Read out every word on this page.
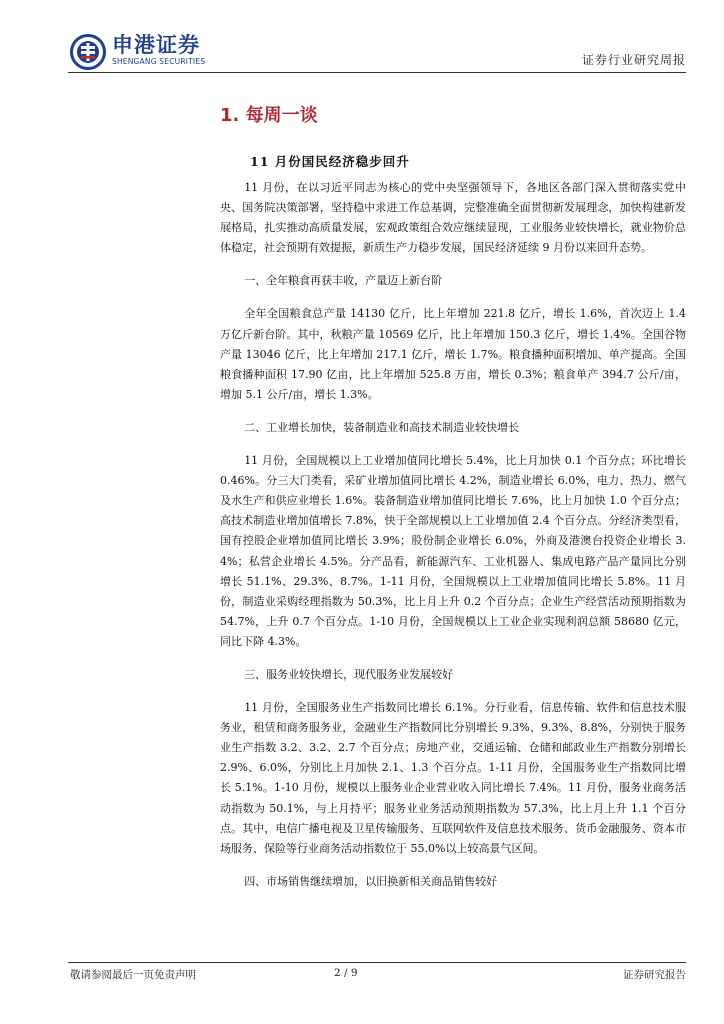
申港证券
SHENGANG SECURITIES	证券行业研究周报
1. 每周一谈
11 月份国民经济稳步回升

11 月份，在以习近平同志为核心的党中央坚强领导下，各地区各部门深入贯彻落实党中央、国务院决策部署，坚持稳中求进工作总基调，完整准确全面贯彻新发展理念，加快构建新发展格局，扎实推动高质量发展，宏观政策组合效应继续显现，工业服务业较快增长，就业物价总体稳定，社会预期有效提振，新质生产力稳步发展，国民经济延续 9 月份以来回升态势。

一、全年粮食再获丰收，产量迈上新台阶

全年全国粮食总产量 14130 亿斤，比上年增加 221.8 亿斤，增长 1.6%，首次迈上 1.4 万亿斤新台阶。其中，秋粮产量 10569 亿斤，比上年增加 150.3 亿斤，增长 1.4%。全国谷物产量 13046 亿斤，比上年增加 217.1 亿斤，增长 1.7%。粮食播种面积增加、单产提高。全国粮食播种面积 17.90 亿亩，比上年增加 525.8 万亩，增长 0.3%；粮食单产 394.7 公斤/亩，增加 5.1 公斤/亩，增长 1.3%。

二、工业增长加快，装备制造业和高技术制造业较快增长

11 月份，全国规模以上工业增加值同比增长 5.4%，比上月加快 0.1 个百分点；环比增长 0.46%。分三大门类看，采矿业增加值同比增长 4.2%，制造业增长 6.0%，电力、热力、燃气及水生产和供应业增长 1.6%。装备制造业增加值同比增长 7.6%，比上月加快 1.0 个百分点；高技术制造业增加值增长 7.8%，快于全部规模以上工业增加值 2.4 个百分点。分经济类型看，国有控股企业增加值同比增长 3.9%；股份制企业增长 6.0%，外商及港澳台投资企业增长 3.4%；私营企业增长 4.5%。分产品看，新能源汽车、工业机器人、集成电路产品产量同比分别增长 51.1%、29.3%、8.7%。1-11 月份，全国规模以上工业增加值同比增长 5.8%。11 月份，制造业采购经理指数为 50.3%，比上月上升 0.2 个百分点；企业生产经营活动预期指数为 54.7%，上升 0.7 个百分点。1-10 月份，全国规模以上工业企业实现利润总额 58680 亿元，同比下降 4.3%。

三、服务业较快增长，现代服务业发展较好

11 月份，全国服务业生产指数同比增长 6.1%。分行业看，信息传输、软件和信息技术服务业，租赁和商务服务业，金融业生产指数同比分别增长 9.3%、9.3%、8.8%，分别快于服务业生产指数 3.2、3.2、2.7 个百分点；房地产业，交通运输、仓储和邮政业生产指数分别增长 2.9%、6.0%，分别比上月加快 2.1、1.3 个百分点。1-11 月份，全国服务业生产指数同比增长 5.1%。1-10 月份，规模以上服务业企业营业收入同比增长 7.4%。11 月份，服务业商务活动指数为 50.1%，与上月持平；服务业业务活动预期指数为 57.3%，比上月上升 1.1 个百分点。其中，电信广播电视及卫星传输服务、互联网软件及信息技术服务、货币金融服务、资本市场服务、保险等行业商务活动指数位于 55.0%以上较高景气区间。

四、市场销售继续增加，以旧换新相关商品销售较好

敬请参阅最后一页免责声明	2 / 9	证券研究报告
